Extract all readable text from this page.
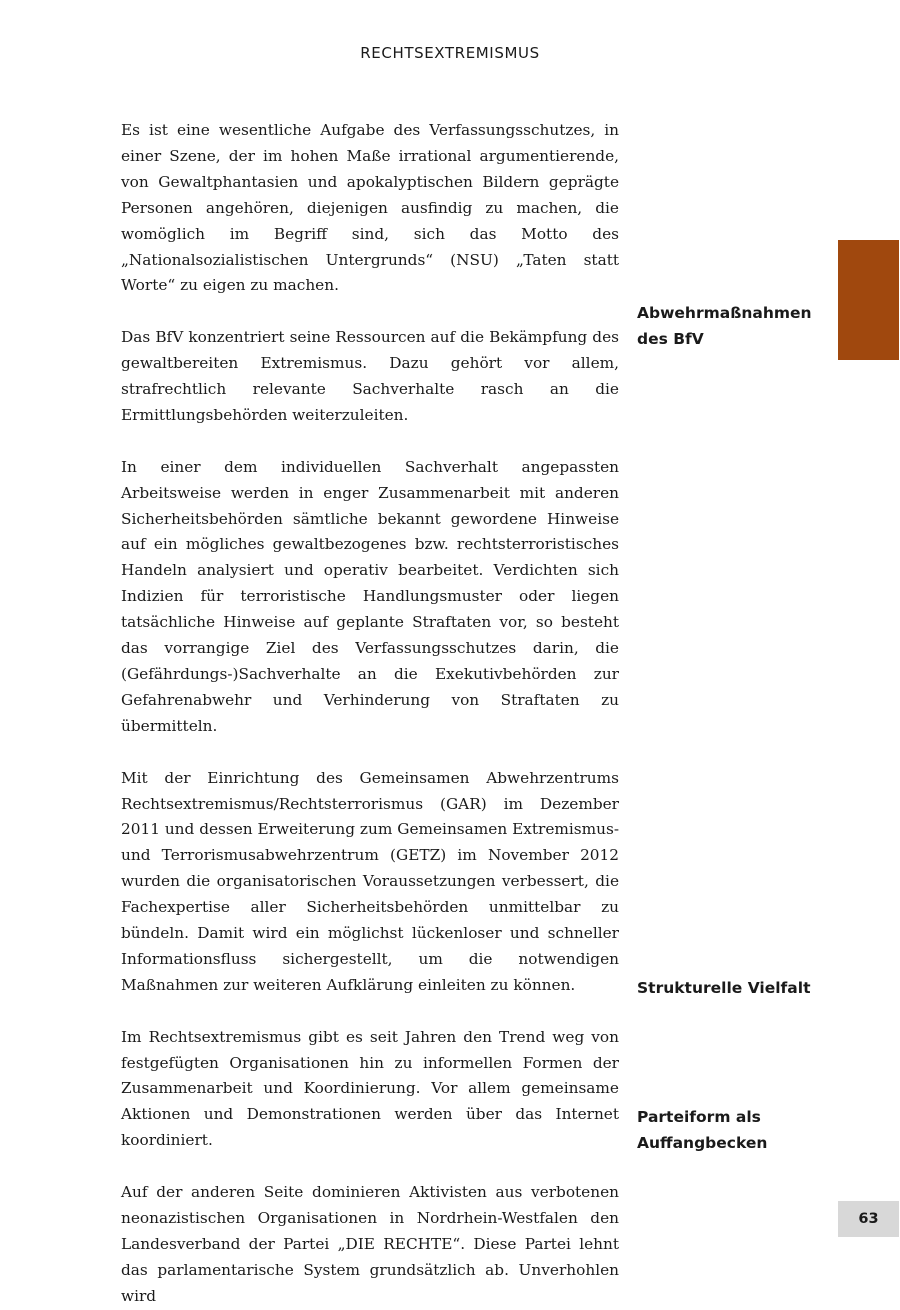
RECHTSEXTREMISMUS

Es ist eine wesentliche Aufgabe des Verfassungsschutzes, in einer Szene, der im hohen Maße irrational argumentierende, von Gewaltphantasien und apokalyptischen Bildern geprägte Personen angehören, diejenigen ausfindig zu machen, die womöglich im Begriff sind, sich das Motto des „Nationalsozialistischen Untergrunds“ (NSU) „Taten statt Worte“ zu eigen zu machen.

Das BfV konzentriert seine Ressourcen auf die Bekämpfung des gewaltbereiten Extremismus. Dazu gehört vor allem, strafrechtlich relevante Sachverhalte rasch an die Ermittlungsbehörden weiterzuleiten.

In einer dem individuellen Sachverhalt angepassten Arbeitsweise werden in enger Zusammenarbeit mit anderen Sicherheitsbehörden sämtliche bekannt gewordene Hinweise auf ein mögliches gewaltbezogenes bzw. rechtsterroristisches Handeln analysiert und operativ bearbeitet. Verdichten sich Indizien für terroristische Handlungsmuster oder liegen tatsächliche Hinweise auf geplante Straftaten vor, so besteht das vorrangige Ziel des Verfassungsschutzes darin, die (Gefährdungs-)Sachverhalte an die Exekutivbehörden zur Gefahrenabwehr und Verhinderung von Straftaten zu übermitteln.

Mit der Einrichtung des Gemeinsamen Abwehrzentrums Rechtsextremismus/Rechtsterrorismus (GAR) im Dezember 2011 und dessen Erweiterung zum Gemeinsamen Extremismus- und Terrorismusabwehrzentrum (GETZ) im November 2012 wurden die organisatorischen Voraussetzungen verbessert, die Fachexpertise aller Sicherheitsbehörden unmittelbar zu bündeln. Damit wird ein möglichst lückenloser und schneller Informationsfluss sichergestellt, um die notwendigen Maßnahmen zur weiteren Aufklärung einleiten zu können.

Im Rechtsextremismus gibt es seit Jahren den Trend weg von festgefügten Organisationen hin zu informellen Formen der Zusammenarbeit und Koordinierung. Vor allem gemeinsame Aktionen und Demonstrationen werden über das Internet koordiniert.

Auf der anderen Seite dominieren Aktivisten aus verbotenen neonazistischen Organisationen in Nordrhein-Westfalen den Landesverband der Partei „DIE RECHTE“. Diese Partei lehnt das parlamentarische System grundsätzlich ab. Unverhohlen wird

Abwehrmaßnahmen des BfV
Strukturelle Vielfalt
Parteiform als Auffangbecken
63
